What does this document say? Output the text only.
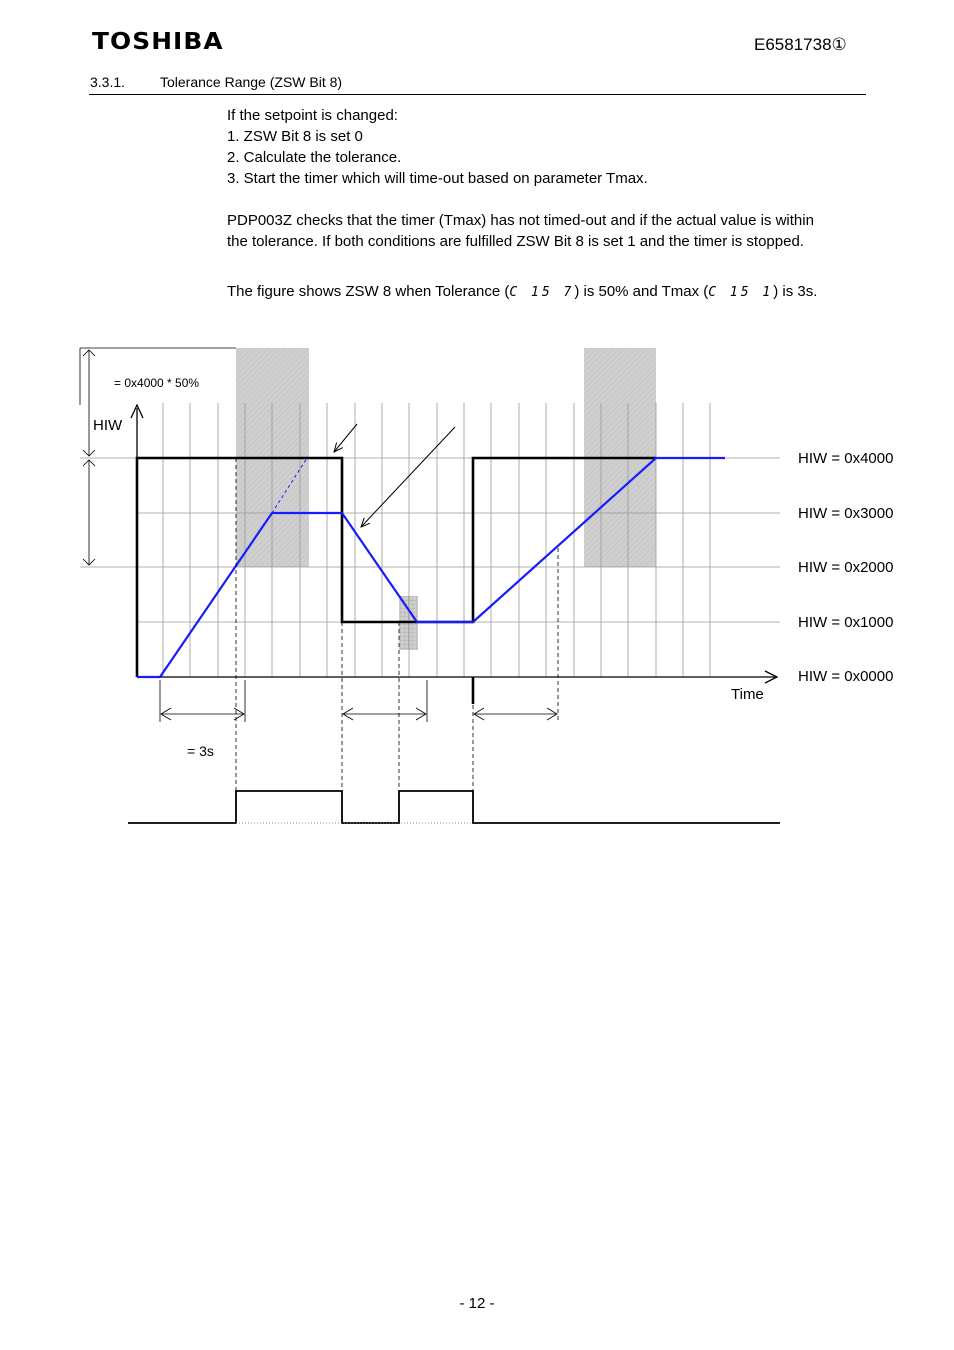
TOSHIBA	E6581738①
3.3.1. Tolerance Range (ZSW Bit 8)
If the setpoint is changed:
1. ZSW Bit 8 is set 0
2. Calculate the tolerance.
3. Start the timer which will time-out based on parameter Tmax.
PDP003Z checks that the timer (Tmax) has not timed-out and if the actual value is within
the tolerance. If both conditions are fulfilled ZSW Bit 8 is set 1 and the timer is stopped.
The figure shows ZSW 8 when Tolerance (C 15 7) is 50% and Tmax (C 15 1) is 3s.
= 0x4000 * 50%
HIW
Time
= 3s
HIW = 0x4000
HIW = 0x3000
HIW = 0x2000
HIW = 0x1000
HIW = 0x0000
- 12 -
